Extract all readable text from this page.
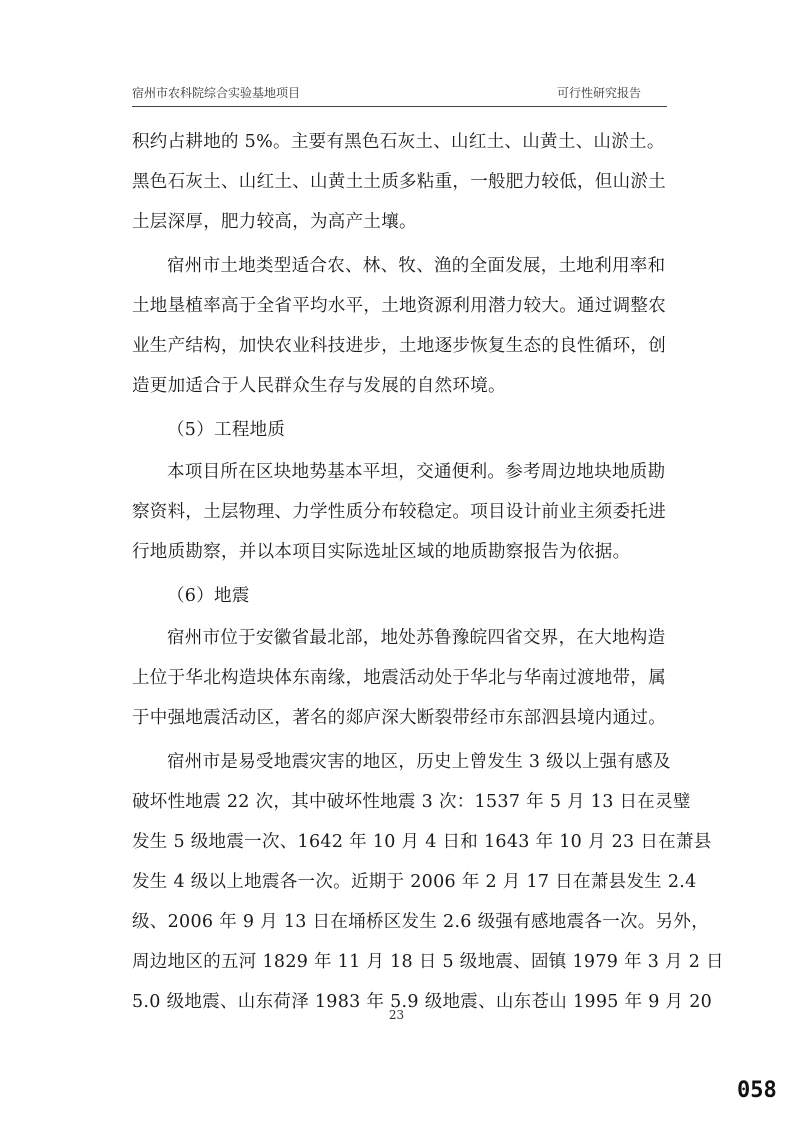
宿州市农科院综合实验基地项目	可行性研究报告
积约占耕地的 5%。主要有黑色石灰土、山红土、山黄土、山淤土。
黑色石灰土、山红土、山黄土土质多粘重，一般肥力较低，但山淤土
土层深厚，肥力较高，为高产土壤。
宿州市土地类型适合农、林、牧、渔的全面发展，土地利用率和
土地垦植率高于全省平均水平，土地资源利用潜力较大。通过调整农
业生产结构，加快农业科技进步，土地逐步恢复生态的良性循环，创
造更加适合于人民群众生存与发展的自然环境。
（5）工程地质
本项目所在区块地势基本平坦，交通便利。参考周边地块地质勘
察资料，土层物理、力学性质分布较稳定。项目设计前业主须委托进
行地质勘察，并以本项目实际选址区域的地质勘察报告为依据。
（6）地震
宿州市位于安徽省最北部，地处苏鲁豫皖四省交界，在大地构造
上位于华北构造块体东南缘，地震活动处于华北与华南过渡地带，属
于中强地震活动区，著名的郯庐深大断裂带经市东部泗县境内通过。
宿州市是易受地震灾害的地区，历史上曾发生 3 级以上强有感及
破坏性地震 22 次，其中破坏性地震 3 次：1537 年 5 月 13 日在灵璧
发生 5 级地震一次、1642 年 10 月 4 日和 1643 年 10 月 23 日在萧县
发生 4 级以上地震各一次。近期于 2006 年 2 月 17 日在萧县发生 2.4
级、2006 年 9 月 13 日在埇桥区发生 2.6 级强有感地震各一次。另外，
周边地区的五河 1829 年 11 月 18 日 5 级地震、固镇 1979 年 3 月 2 日
5.0 级地震、山东荷泽 1983 年 5.9 级地震、山东苍山 1995 年 9 月 20
23
058
